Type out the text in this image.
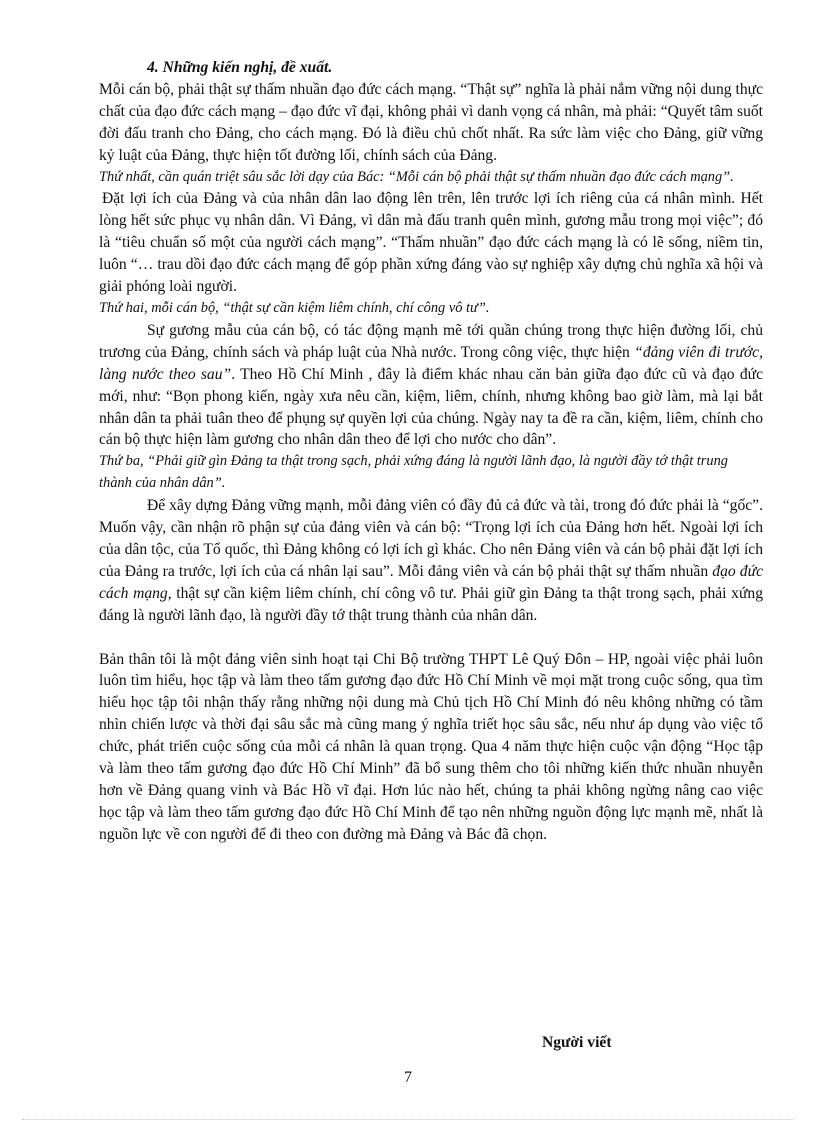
4. Những kiến nghị, đề xuất.

Mỗi cán bộ, phải thật sự thấm nhuần đạo đức cách mạng. “Thật sự” nghĩa là phải nắm vững nội dung thực chất của đạo đức cách mạng – đạo đức vĩ đại, không phải vì danh vọng cá nhân, mà phải: “Quyết tâm suốt đời đấu tranh cho Đảng, cho cách mạng. Đó là điều chủ chốt nhất. Ra sức làm việc cho Đảng, giữ vững kỷ luật của Đảng, thực hiện tốt đường lối, chính sách của Đảng.

Thứ nhất, cần quán triệt sâu sắc lời dạy của Bác: “Mỗi cán bộ phải thật sự thấm nhuần đạo đức cách mạng”.

Đặt lợi ích của Đảng và của nhân dân lao động lên trên, lên trước lợi ích riêng của cá nhân mình. Hết lòng hết sức phục vụ nhân dân. Vì Đảng, vì dân mà đấu tranh quên mình, gương mẫu trong mọi việc”; đó là “tiêu chuẩn số một của người cách mạng”. “Thấm nhuần” đạo đức cách mạng là có lẽ sống, niềm tin, luôn “… trau dồi đạo đức cách mạng để góp phần xứng đáng vào sự nghiệp xây dựng chủ nghĩa xã hội và giải phóng loài người.

Thứ hai, mỗi cán bộ, “thật sự cần kiệm liêm chính, chí công vô tư”.

Sự gương mẫu của cán bộ, có tác động mạnh mẽ tới quần chúng trong thực hiện đường lối, chủ trương của Đảng, chính sách và pháp luật của Nhà nước. Trong công việc, thực hiện “đảng viên đi trước, làng nước theo sau”. Theo Hồ Chí Minh , đây là điểm khác nhau căn bản giữa đạo đức cũ và đạo đức mới, như: “Bọn phong kiến, ngày xưa nêu cần, kiệm, liêm, chính, nhưng không bao giờ làm, mà lại bắt nhân dân ta phải tuân theo để phụng sự quyền lợi của chúng. Ngày nay ta đề ra cần, kiệm, liêm, chính cho cán bộ thực hiện làm gương cho nhân dân theo để lợi cho nước cho dân”.

Thứ ba, “Phải giữ gìn Đảng ta thật trong sạch, phải xứng đáng là người lãnh đạo, là người đầy tớ thật trung thành của nhân dân”.

Để xây dựng Đảng vững mạnh, mỗi đảng viên có đầy đủ cả đức và tài, trong đó đức phải là “gốc”. Muốn vậy, cần nhận rõ phận sự của đảng viên và cán bộ: “Trọng lợi ích của Đảng hơn hết. Ngoài lợi ích của dân tộc, của Tổ quốc, thì Đảng không có lợi ích gì khác. Cho nên Đảng viên và cán bộ phải đặt lợi ích của Đảng ra trước, lợi ích của cá nhân lại sau”. Mỗi đảng viên và cán bộ phải thật sự thấm nhuần đạo đức cách mạng, thật sự cần kiệm liêm chính, chí công vô tư. Phải giữ gìn Đảng ta thật trong sạch, phải xứng đáng là người lãnh đạo, là người đầy tớ thật trung thành của nhân dân.

Bản thân tôi là một đảng viên sinh hoạt tại Chi Bộ trường THPT Lê Quý Đôn – HP, ngoài việc phải luôn luôn tìm hiểu, học tập và làm theo tấm gương đạo đức Hồ Chí Minh về mọi mặt trong cuộc sống, qua tìm hiểu học tập tôi nhận thấy rằng những nội dung mà Chủ tịch Hồ Chí Minh đó nêu không những có tầm nhìn chiến lược và thời đại sâu sắc mà cũng mang ý nghĩa triết học sâu sắc, nếu như áp dụng vào việc tổ chức, phát triển cuộc sống của mỗi cá nhân là quan trọng. Qua 4 năm thực hiện cuộc vận động “Học tập và làm theo tấm gương đạo đức Hồ Chí Minh” đã bổ sung thêm cho tôi những kiến thức nhuần nhuyễn hơn về Đảng quang vinh và Bác Hồ vĩ đại. Hơn lúc nào hết, chúng ta phải không ngừng nâng cao việc học tập và làm theo tấm gương đạo đức Hồ Chí Minh để tạo nên những nguồn động lực mạnh mẽ, nhất là nguồn lực về con người để đi theo con đường mà Đảng và Bác đã chọn.

Người viết
7
